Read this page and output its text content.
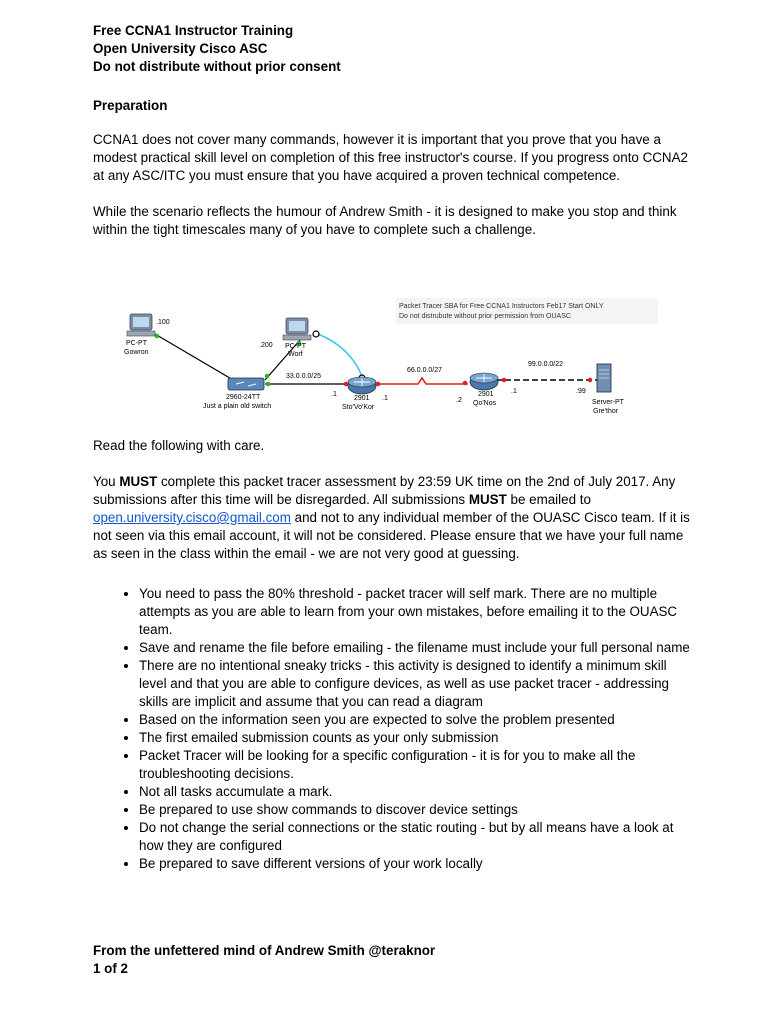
Free CCNA1 Instructor Training
Open University Cisco ASC
Do not distribute without prior consent
Preparation

CCNA1 does not cover many commands, however it is important that you prove that you have a modest practical skill level on completion of this free instructor's course. If you progress onto CCNA2 at any ASC/ITC you must ensure that you have acquired a proven technical competence.

While the scenario reflects the humour of Andrew Smith - it is designed to make you stop and think within the tight timescales many of you have to complete such a challenge.

Read the following with care.

You MUST complete this packet tracer assessment by 23:59 UK time on the 2nd of July 2017. Any submissions after this time will be disregarded. All submissions MUST be emailed to open.university.cisco@gmail.com and not to any individual member of the OUASC Cisco team. If it is not seen via this email account, it will not be considered. Please ensure that we have your full name as seen in the class within the email - we are not very good at guessing.

• You need to pass the 80% threshold - packet tracer will self mark. There are no multiple attempts as you are able to learn from your own mistakes, before emailing it to the OUASC team.
• Save and rename the file before emailing - the filename must include your full personal name
• There are no intentional sneaky tricks - this activity is designed to identify a minimum skill level and that you are able to configure devices, as well as use packet tracer - addressing skills are implicit and assume that you can read a diagram
• Based on the information seen you are expected to solve the problem presented
• The first emailed submission counts as your only submission
• Packet Tracer will be looking for a specific configuration - it is for you to make all the troubleshooting decisions.
• Not all tasks accumulate a mark.
• Be prepared to use show commands to discover device settings
• Do not change the serial connections or the static routing - but by all means have a look at how they are configured
• Be prepared to save different versions of your work locally
Packet Tracer SBA for Free CCNA1 Instructors Feb17 Start ONLY
Do not distrubute without prior permission from OUASC
.100
PC-PT
Gowron
.200 PC-PT
Worf
2960-24TT
Just a plain old switch
33.0.0.0/25
66.0.0.0/27
99.0.0.0/22
.1
2901 .1
Sto'Vo'Kor
.2
2901 .1
Qo'Nos
.99
Server-PT
Gre'thor
From the unfettered mind of Andrew Smith @teraknor
1 of 2
